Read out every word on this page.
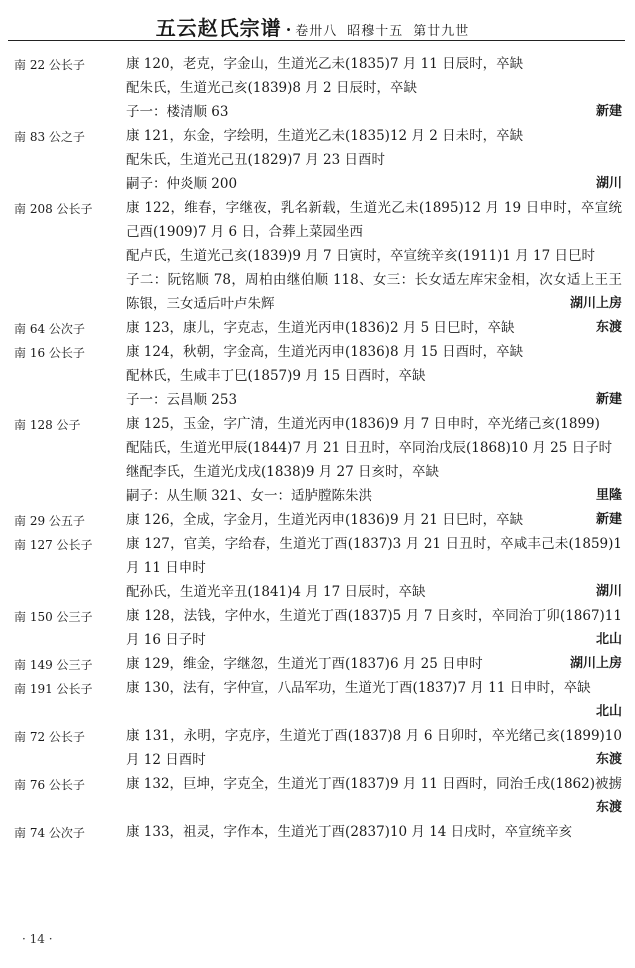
五云赵氏宗谱 · 卷卅八 昭穆十五 第廿九世
南 22 公长子	康 120，老克，字金山，生道光乙未(1835)7 月 11 日辰时，卒缺
配朱氏，生道光己亥(1839)8 月 2 日辰时，卒缺
子一：楼清顺 63	新建
南 83 公之子	康 121，东金，字绘明，生道光乙未(1835)12 月 2 日未时，卒缺
配朱氏，生道光己丑(1829)7 月 23 日酉时
嗣子：仲炎顺 200	湖川
南 208 公长子	康 122，维春，字继夜，乳名新载，生道光乙未(1895)12 月 19 日申时，卒宣统己酉(1909)7 月 6 日，合葬上菜园坐西
配卢氏，生道光己亥(1839)9 月 7 日寅时，卒宣统辛亥(1911)1 月 17 日巳时
子二：阮铭顺 78，周柏由继伯顺 118、女三：长女适左库宋金相，次女适上王王陈银，三女适后叶卢朱辉	湖川上房
南 64 公次子	康 123，康儿，字克志，生道光丙申(1836)2 月 5 日巳时，卒缺	东渡
南 16 公长子	康 124，秋朝，字金高，生道光丙申(1836)8 月 15 日酉时，卒缺
配林氏，生咸丰丁巳(1857)9 月 15 日酉时，卒缺
子一：云昌顺 253	新建
南 128 公子	康 125，玉金，字广清，生道光丙申(1836)9 月 7 日申时，卒光绪己亥(1899)
配陆氏，生道光甲辰(1844)7 月 21 日丑时，卒同治戊辰(1868)10 月 25 日子时
继配李氏，生道光戊戌(1838)9 月 27 日亥时，卒缺
嗣子：从生顺 321、女一：适胪膛陈朱洪	里隆
南 29 公五子	康 126，全成，字金月，生道光丙申(1836)9 月 21 日巳时，卒缺	新建
南 127 公长子	康 127，官美，字给春，生道光丁酉(1837)3 月 21 日丑时，卒咸丰己未(1859)1 月 11 日申时
配孙氏，生道光辛丑(1841)4 月 17 日辰时，卒缺	湖川
南 150 公三子	康 128，法钱，字仲水，生道光丁酉(1837)5 月 7 日亥时，卒同治丁卯(1867)11 月 16 日子时	北山
南 149 公三子	康 129，维金，字继忽，生道光丁酉(1837)6 月 25 日申时	湖川上房
南 191 公长子	康 130，法有，字仲宣，八品军功，生道光丁酉(1837)7 月 11 日申时，卒缺
北山
南 72 公长子	康 131，永明，字克序，生道光丁酉(1837)8 月 6 日卯时，卒光绪己亥(1899)10 月 12 日酉时	东渡
南 76 公长子	康 132，巨坤，字克全，生道光丁酉(1837)9 月 11 日酉时，同治壬戌(1862)被掳
东渡
南 74 公次子	康 133，祖灵，字作本，生道光丁酉(2837)10 月 14 日戌时，卒宣统辛亥
· 14 ·
